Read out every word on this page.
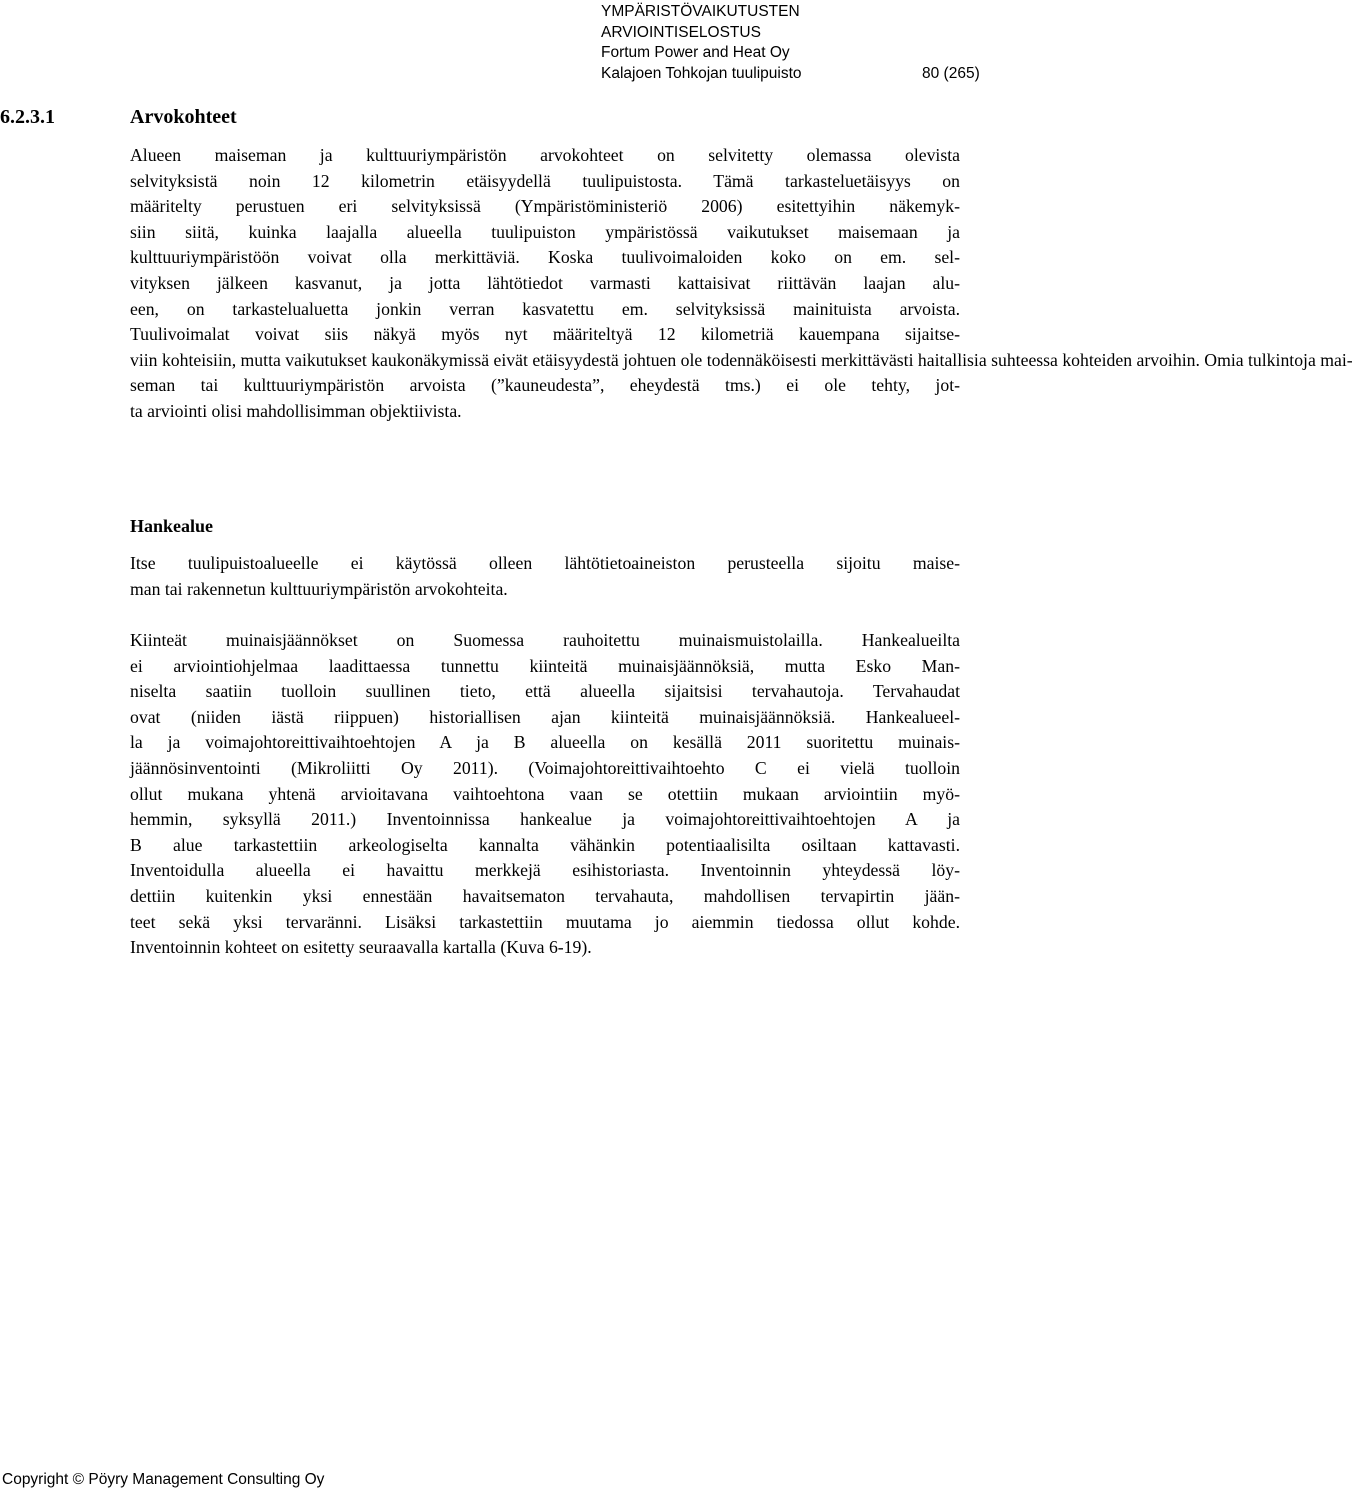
YMPÄRISTÖVAIKUTUSTEN
ARVIOINTISELOSTUS
Fortum Power and Heat Oy
Kalajoen Tohkojan tuulipuisto	80 (265)
6.2.3.1	Arvokohteet

Alueen maiseman ja kulttuuriympäristön arvokohteet on selvitetty olemassa olevista
selvityksistä noin 12 kilometrin etäisyydellä tuulipuistosta. Tämä tarkasteluetäisyys on
määritelty perustuen eri selvityksissä (Ympäristöministeriö 2006) esitettyihin näkemyk-
siin siitä, kuinka laajalla alueella tuulipuiston ympäristössä vaikutukset maisemaan ja
kulttuuriympäristöön voivat olla merkittäviä. Koska tuulivoimaloiden koko on em. sel-
vityksen jälkeen kasvanut, ja jotta lähtötiedot varmasti kattaisivat riittävän laajan alu-
een, on tarkastelualuetta jonkin verran kasvatettu em. selvityksissä mainituista arvoista.
Tuulivoimalat voivat siis näkyä myös nyt määriteltyä 12 kilometriä kauempana sijaitse-
viin kohteisiin, mutta vaikutukset kaukonäkymissä eivät etäisyydestä johtuen ole todennäköisesti merkittävästi haitallisia suhteessa kohteiden arvoihin. Omia tulkintoja mai-
seman tai kulttuuriympäristön arvoista (”kauneudesta”, eheydestä tms.) ei ole tehty, jot-
ta arviointi olisi mahdollisimman objektiivista.

Hankealue

Itse tuulipuistoalueelle ei käytössä olleen lähtötietoaineiston perusteella sijoitu maise-
man tai rakennetun kulttuuriympäristön arvokohteita.

Kiinteät muinaisjäännökset on Suomessa rauhoitettu muinaismuistolailla. Hankealueilta
ei arviointiohjelmaa laadittaessa tunnettu kiinteitä muinaisjäännöksiä, mutta Esko Man-
niselta saatiin tuolloin suullinen tieto, että alueella sijaitsisi tervahautoja. Tervahaudat
ovat (niiden iästä riippuen) historiallisen ajan kiinteitä muinaisjäännöksiä. Hankealueel-
la ja voimajohtoreittivaihtoehtojen A ja B alueella on kesällä 2011 suoritettu muinais-
jäännösinventointi (Mikroliitti Oy 2011). (Voimajohtoreittivaihtoehto C ei vielä tuolloin
ollut mukana yhtenä arvioitavana vaihtoehtona vaan se otettiin mukaan arviointiin myö-
hemmin, syksyllä 2011.) Inventoinnissa hankealue ja voimajohtoreittivaihtoehtojen A ja
B alue tarkastettiin arkeologiselta kannalta vähänkin potentiaalisilta osiltaan kattavasti.
Inventoidulla alueella ei havaittu merkkejä esihistoriasta. Inventoinnin yhteydessä löy-
dettiin kuitenkin yksi ennestään havaitsematon tervahauta, mahdollisen tervapirtin jään-
teet sekä yksi tervaränni. Lisäksi tarkastettiin muutama jo aiemmin tiedossa ollut kohde.
Inventoinnin kohteet on esitetty seuraavalla kartalla (Kuva 6-19).

Copyright © Pöyry Management Consulting Oy
